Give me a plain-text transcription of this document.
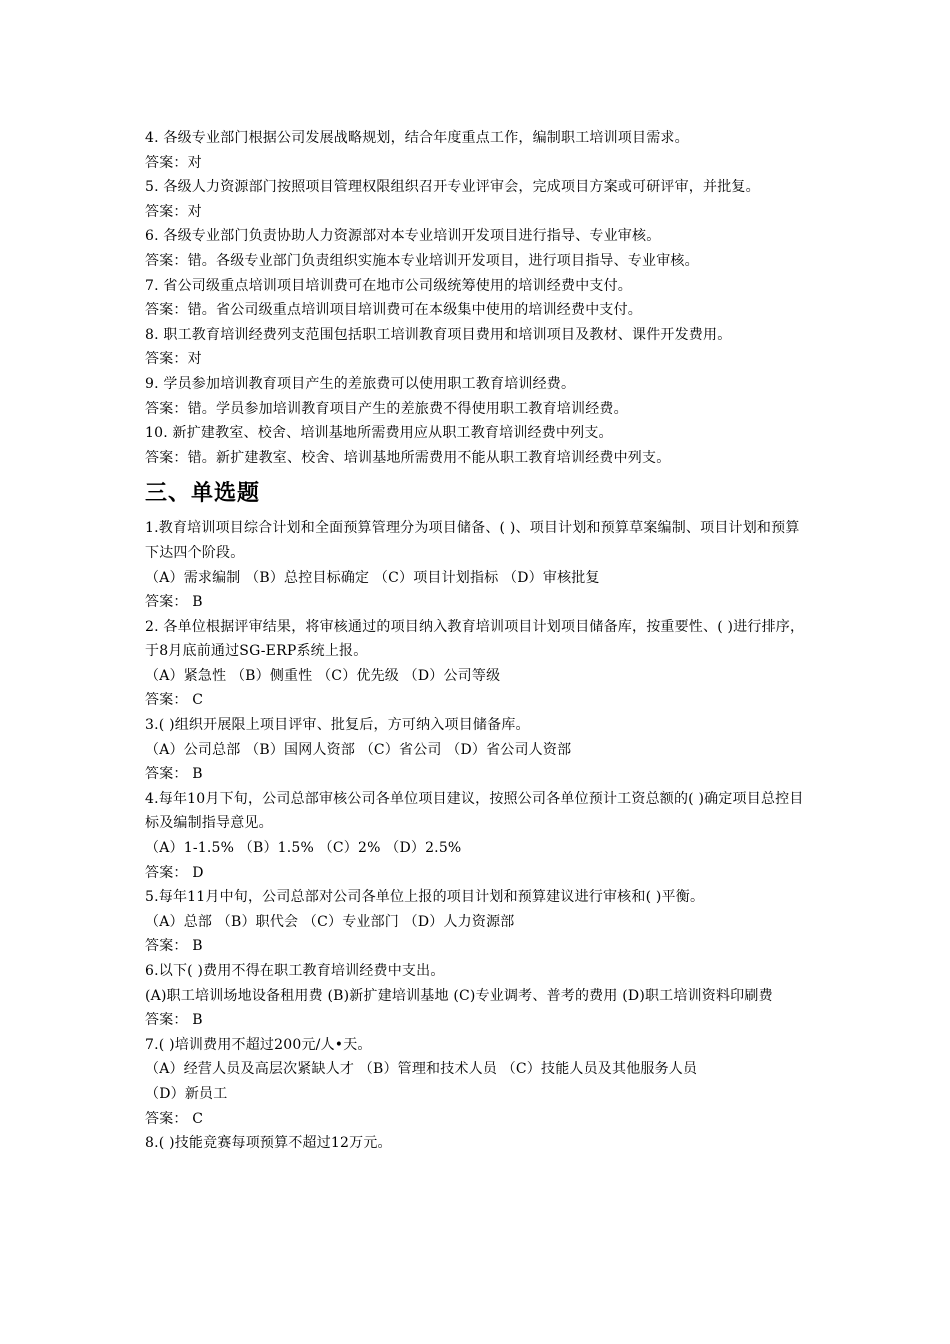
4. 各级专业部门根据公司发展战略规划，结合年度重点工作，编制职工培训项目需求。
答案：对
5. 各级人力资源部门按照项目管理权限组织召开专业评审会，完成项目方案或可研评审，并批复。
答案：对
6. 各级专业部门负责协助人力资源部对本专业培训开发项目进行指导、专业审核。
答案：错。各级专业部门负责组织实施本专业培训开发项目，进行项目指导、专业审核。
7. 省公司级重点培训项目培训费可在地市公司级统筹使用的培训经费中支付。
答案：错。省公司级重点培训项目培训费可在本级集中使用的培训经费中支付。
8. 职工教育培训经费列支范围包括职工培训教育项目费用和培训项目及教材、课件开发费用。
答案：对
9. 学员参加培训教育项目产生的差旅费可以使用职工教育培训经费。
答案：错。学员参加培训教育项目产生的差旅费不得使用职工教育培训经费。
10. 新扩建教室、校舍、培训基地所需费用应从职工教育培训经费中列支。
答案：错。新扩建教室、校舍、培训基地所需费用不能从职工教育培训经费中列支。
三、单选题
1.教育培训项目综合计划和全面预算管理分为项目储备、( )、项目计划和预算草案编制、项目计划和预算下达四个阶段。
（A）需求编制 （B）总控目标确定 （C）项目计划指标 （D）审核批复
答案： B
2. 各单位根据评审结果，将审核通过的项目纳入教育培训项目计划项目储备库，按重要性、( )进行排序，于8月底前通过SG-ERP系统上报。
（A）紧急性 （B）侧重性 （C）优先级 （D）公司等级
答案： C
3.( )组织开展限上项目评审、批复后，方可纳入项目储备库。
（A）公司总部 （B）国网人资部 （C）省公司 （D）省公司人资部
答案： B
4.每年10月下旬，公司总部审核公司各单位项目建议，按照公司各单位预计工资总额的( )确定项目总控目标及编制指导意见。
（A）1-1.5% （B）1.5% （C）2% （D）2.5%
答案： D
5.每年11月中旬，公司总部对公司各单位上报的项目计划和预算建议进行审核和( )平衡。
（A）总部 （B）职代会 （C）专业部门 （D）人力资源部
答案： B
6.以下( )费用不得在职工教育培训经费中支出。
(A)职工培训场地设备租用费 (B)新扩建培训基地 (C)专业调考、普考的费用 (D)职工培训资料印刷费
答案： B
7.( )培训费用不超过200元/人•天。
（A）经营人员及高层次紧缺人才 （B）管理和技术人员 （C）技能人员及其他服务人员
（D）新员工
答案： C
8.( )技能竞赛每项预算不超过12万元。
